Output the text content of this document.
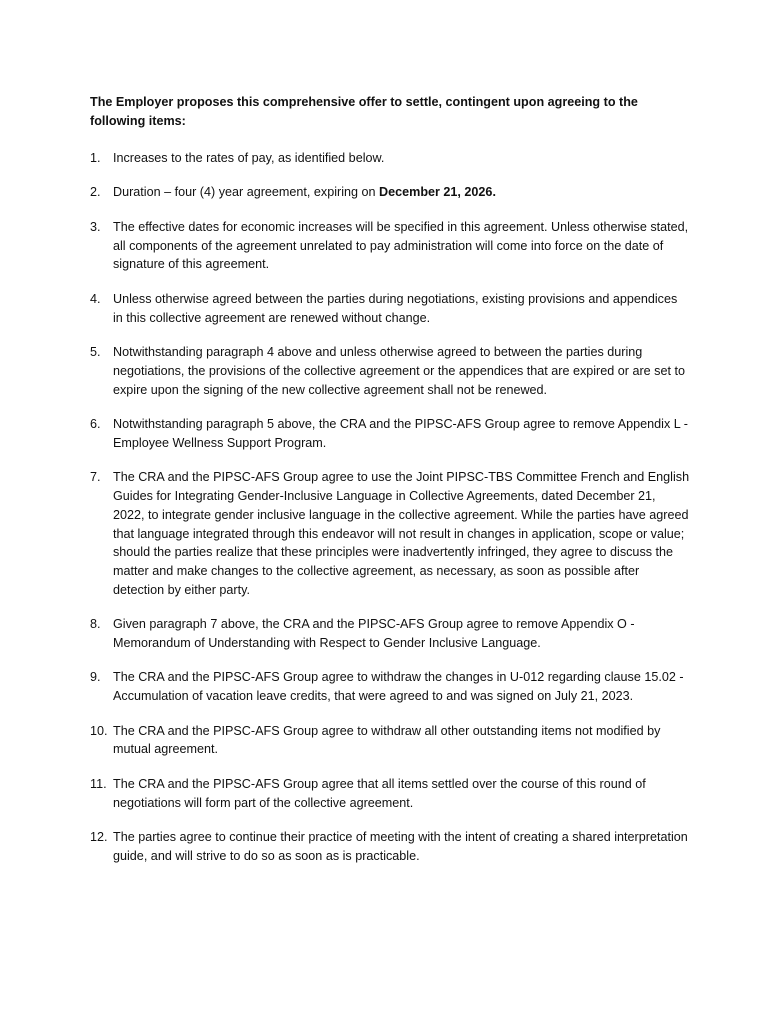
The Employer proposes this comprehensive offer to settle, contingent upon agreeing to the following items:

1. Increases to the rates of pay, as identified below.
2. Duration – four (4) year agreement, expiring on December 21, 2026.
3. The effective dates for economic increases will be specified in this agreement. Unless otherwise stated, all components of the agreement unrelated to pay administration will come into force on the date of signature of this agreement.
4. Unless otherwise agreed between the parties during negotiations, existing provisions and appendices in this collective agreement are renewed without change.
5. Notwithstanding paragraph 4 above and unless otherwise agreed to between the parties during negotiations, the provisions of the collective agreement or the appendices that are expired or are set to expire upon the signing of the new collective agreement shall not be renewed.
6. Notwithstanding paragraph 5 above, the CRA and the PIPSC-AFS Group agree to remove Appendix L - Employee Wellness Support Program.
7. The CRA and the PIPSC-AFS Group agree to use the Joint PIPSC-TBS Committee French and English Guides for Integrating Gender-Inclusive Language in Collective Agreements, dated December 21, 2022, to integrate gender inclusive language in the collective agreement. While the parties have agreed that language integrated through this endeavor will not result in changes in application, scope or value; should the parties realize that these principles were inadvertently infringed, they agree to discuss the matter and make changes to the collective agreement, as necessary, as soon as possible after detection by either party.
8. Given paragraph 7 above, the CRA and the PIPSC-AFS Group agree to remove Appendix O - Memorandum of Understanding with Respect to Gender Inclusive Language.
9. The CRA and the PIPSC-AFS Group agree to withdraw the changes in U-012 regarding clause 15.02 - Accumulation of vacation leave credits, that were agreed to and was signed on July 21, 2023.
10. The CRA and the PIPSC-AFS Group agree to withdraw all other outstanding items not modified by mutual agreement.
11. The CRA and the PIPSC-AFS Group agree that all items settled over the course of this round of negotiations will form part of the collective agreement.
12. The parties agree to continue their practice of meeting with the intent of creating a shared interpretation guide, and will strive to do so as soon as is practicable.
